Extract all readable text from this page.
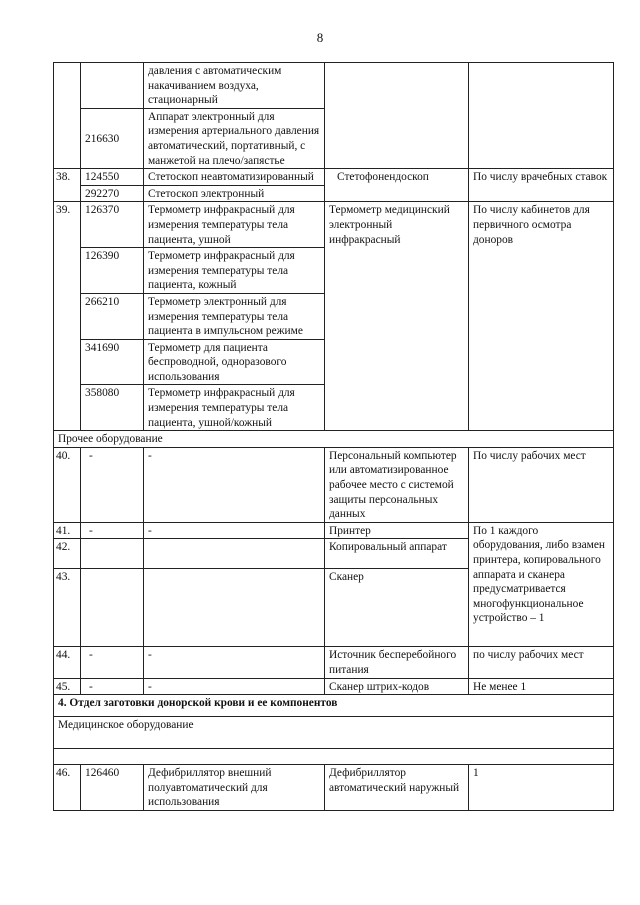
8
		давления с автоматическим накачиванием воздуха, стационарный		
	216630	Аппарат электронный для измерения артериального давления автоматический, портативный, с манжетой на плечо/запястье		
38.	124550	Стетоскоп неавтоматизированный	Стетофонендоскоп	По числу врачебных ставок
	292270	Стетоскоп электронный		
39.	126370	Термометр инфракрасный для измерения температуры тела пациента, ушной	Термометр медицинский электронный инфракрасный	По числу кабинетов для первичного осмотра доноров
	126390	Термометр инфракрасный для измерения температуры тела пациента, кожный		
	266210	Термометр электронный для измерения температуры тела пациента в импульсном режиме		
	341690	Термометр для пациента беспроводной, одноразового использования		
	358080	Термометр инфракрасный для измерения температуры тела пациента, ушной/кожный		
Прочее оборудование				
40.	-	-	Персональный компьютер или автоматизированное рабочее место с системой защиты персональных данных	По числу рабочих мест
41.	-	-	Принтер	По 1 каждого оборудования, либо взамен принтера, копировального аппарата и сканера предусматривается многофункциональное устройство – 1
42.			Копировальный аппарат	
43.			Сканер	
44.	-	-	Источник бесперебойного питания	по числу рабочих мест
45.	-	-	Сканер штрих-кодов	Не менее 1
4. Отдел заготовки донорской крови и ее компонентов				
Медицинское оборудование				

46.	126460	Дефибриллятор внешний полуавтоматический для использования	Дефибриллятор автоматический наружный	1
